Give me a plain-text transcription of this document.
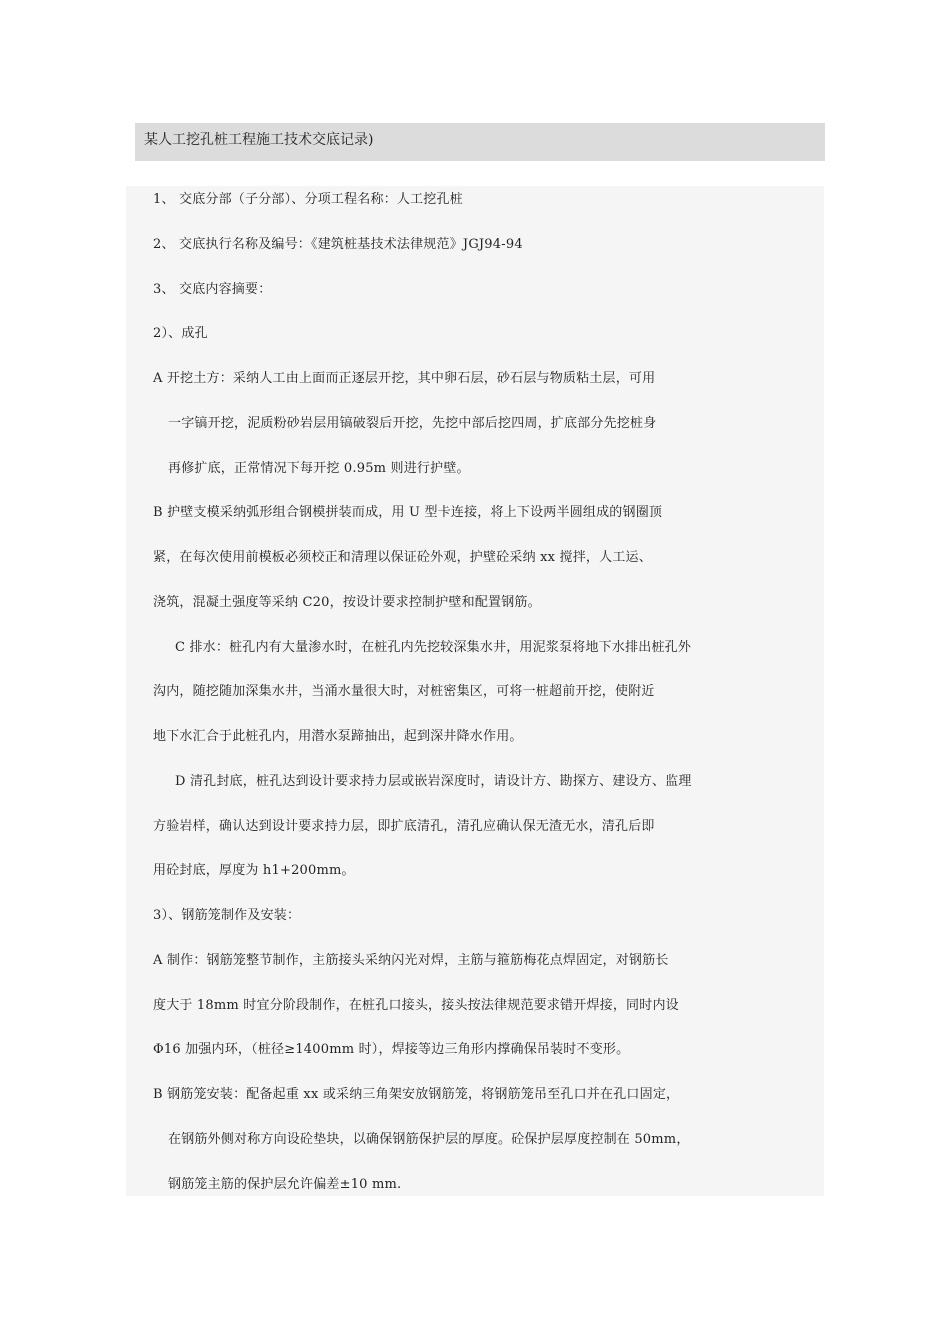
某人工挖孔桩工程施工技术交底记录)
1、 交底分部（子分部）、分项工程名称：人工挖孔桩
2、 交底执行名称及编号：《建筑桩基技术法律规范》JGJ94-94
3、 交底内容摘要：
2）、成孔
A 开挖土方：采纳人工由上面而正逐层开挖，其中卵石层，砂石层与物质粘土层，可用
一字镐开挖，泥质粉砂岩层用镐破裂后开挖，先挖中部后挖四周，扩底部分先挖桩身
再修扩底，正常情况下每开挖 0.95m 则进行护壁。
B 护壁支模采纳弧形组合钢模拼装而成，用 U 型卡连接，将上下设两半圆组成的钢圈顶
紧，在每次使用前模板必须校正和清理以保证砼外观，护壁砼采纳 xx 搅拌，人工运、
浇筑，混凝土强度等采纳 C20，按设计要求控制护壁和配置钢筋。
C 排水：桩孔内有大量渗水时，在桩孔内先挖较深集水井，用泥浆泵将地下水排出桩孔外
沟内，随挖随加深集水井，当涌水量很大时，对桩密集区，可将一桩超前开挖，使附近
地下水汇合于此桩孔内，用潜水泵蹄抽出，起到深井降水作用。
D 清孔封底，桩孔达到设计要求持力层或嵌岩深度时，请设计方、勘探方、建设方、监理
方验岩样，确认达到设计要求持力层，即扩底清孔，清孔应确认保无渣无水，清孔后即
用砼封底，厚度为 h1+200mm。
3）、钢筋笼制作及安装：
A 制作：钢筋笼整节制作，主筋接头采纳闪光对焊，主筋与箍筋梅花点焊固定，对钢筋长
度大于 18mm 时宜分阶段制作，在桩孔口接头，接头按法律规范要求错开焊接，同时内设
Φ16 加强内环，（桩径≥1400mm 时），焊接等边三角形内撑确保吊装时不变形。
B 钢筋笼安装：配备起重 xx 或采纳三角架安放钢筋笼，将钢筋笼吊至孔口并在孔口固定，
在钢筋外侧对称方向设砼垫块，以确保钢筋保护层的厚度。砼保护层厚度控制在 50mm，
钢筋笼主筋的保护层允许偏差±10 mm.
